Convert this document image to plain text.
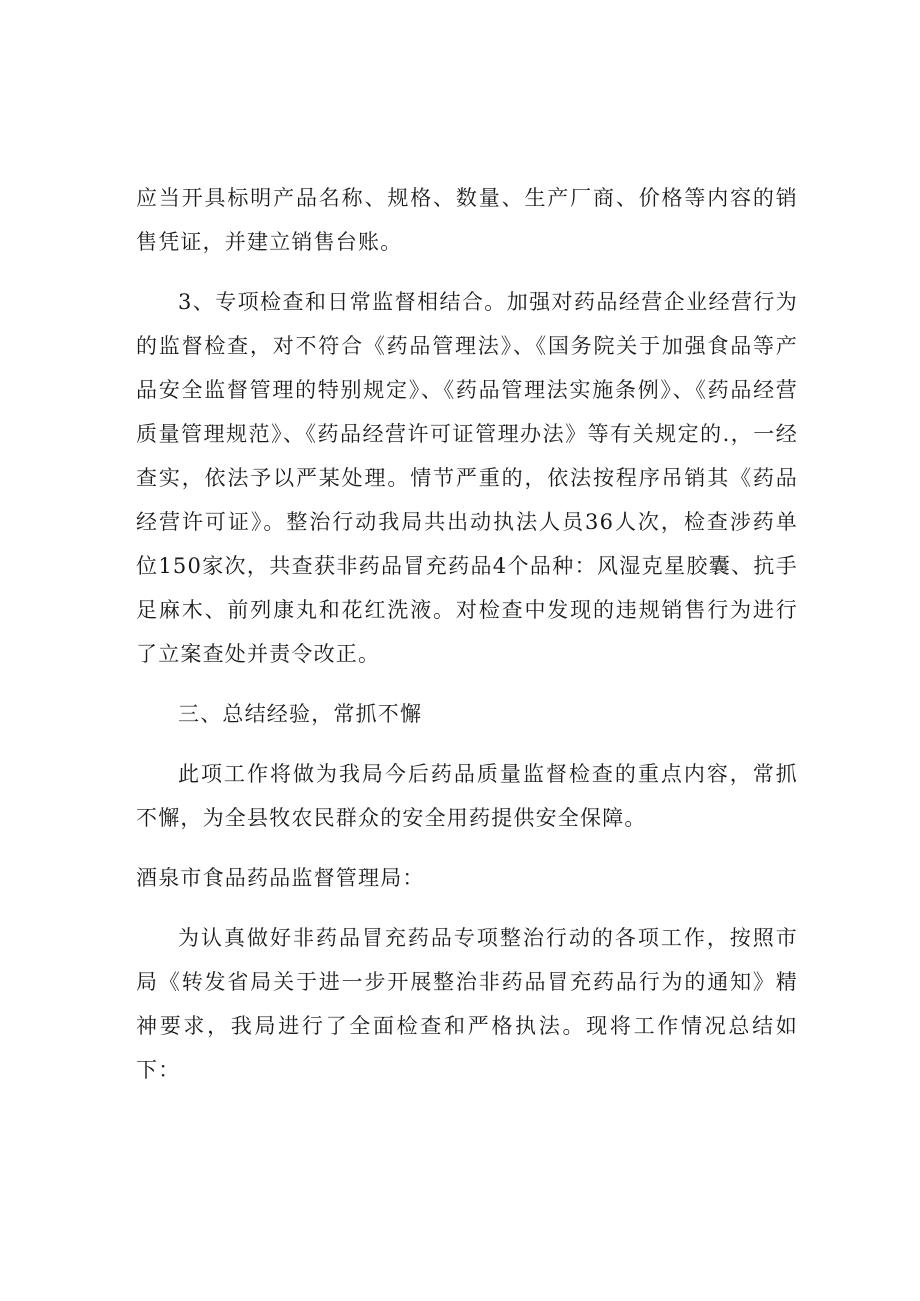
应当开具标明产品名称、规格、数量、生产厂商、价格等内容的销售凭证，并建立销售台账。

3、专项检查和日常监督相结合。加强对药品经营企业经营行为的监督检查，对不符合《药品管理法》、《国务院关于加强食品等产品安全监督管理的特别规定》、《药品管理法实施条例》、《药品经营质量管理规范》、《药品经营许可证管理办法》等有关规定的.，一经查实，依法予以严某处理。情节严重的，依法按程序吊销其《药品经营许可证》。整治行动我局共出动执法人员36人次，检查涉药单位150家次，共查获非药品冒充药品4个品种：风湿克星胶囊、抗手足麻木、前列康丸和花红洗液。对检查中发现的违规销售行为进行了立案查处并责令改正。

三、总结经验，常抓不懈

此项工作将做为我局今后药品质量监督检查的重点内容，常抓不懈，为全县牧农民群众的安全用药提供安全保障。

酒泉市食品药品监督管理局：

为认真做好非药品冒充药品专项整治行动的各项工作，按照市局《转发省局关于进一步开展整治非药品冒充药品行为的通知》精神要求，我局进行了全面检查和严格执法。现将工作情况总结如下：
